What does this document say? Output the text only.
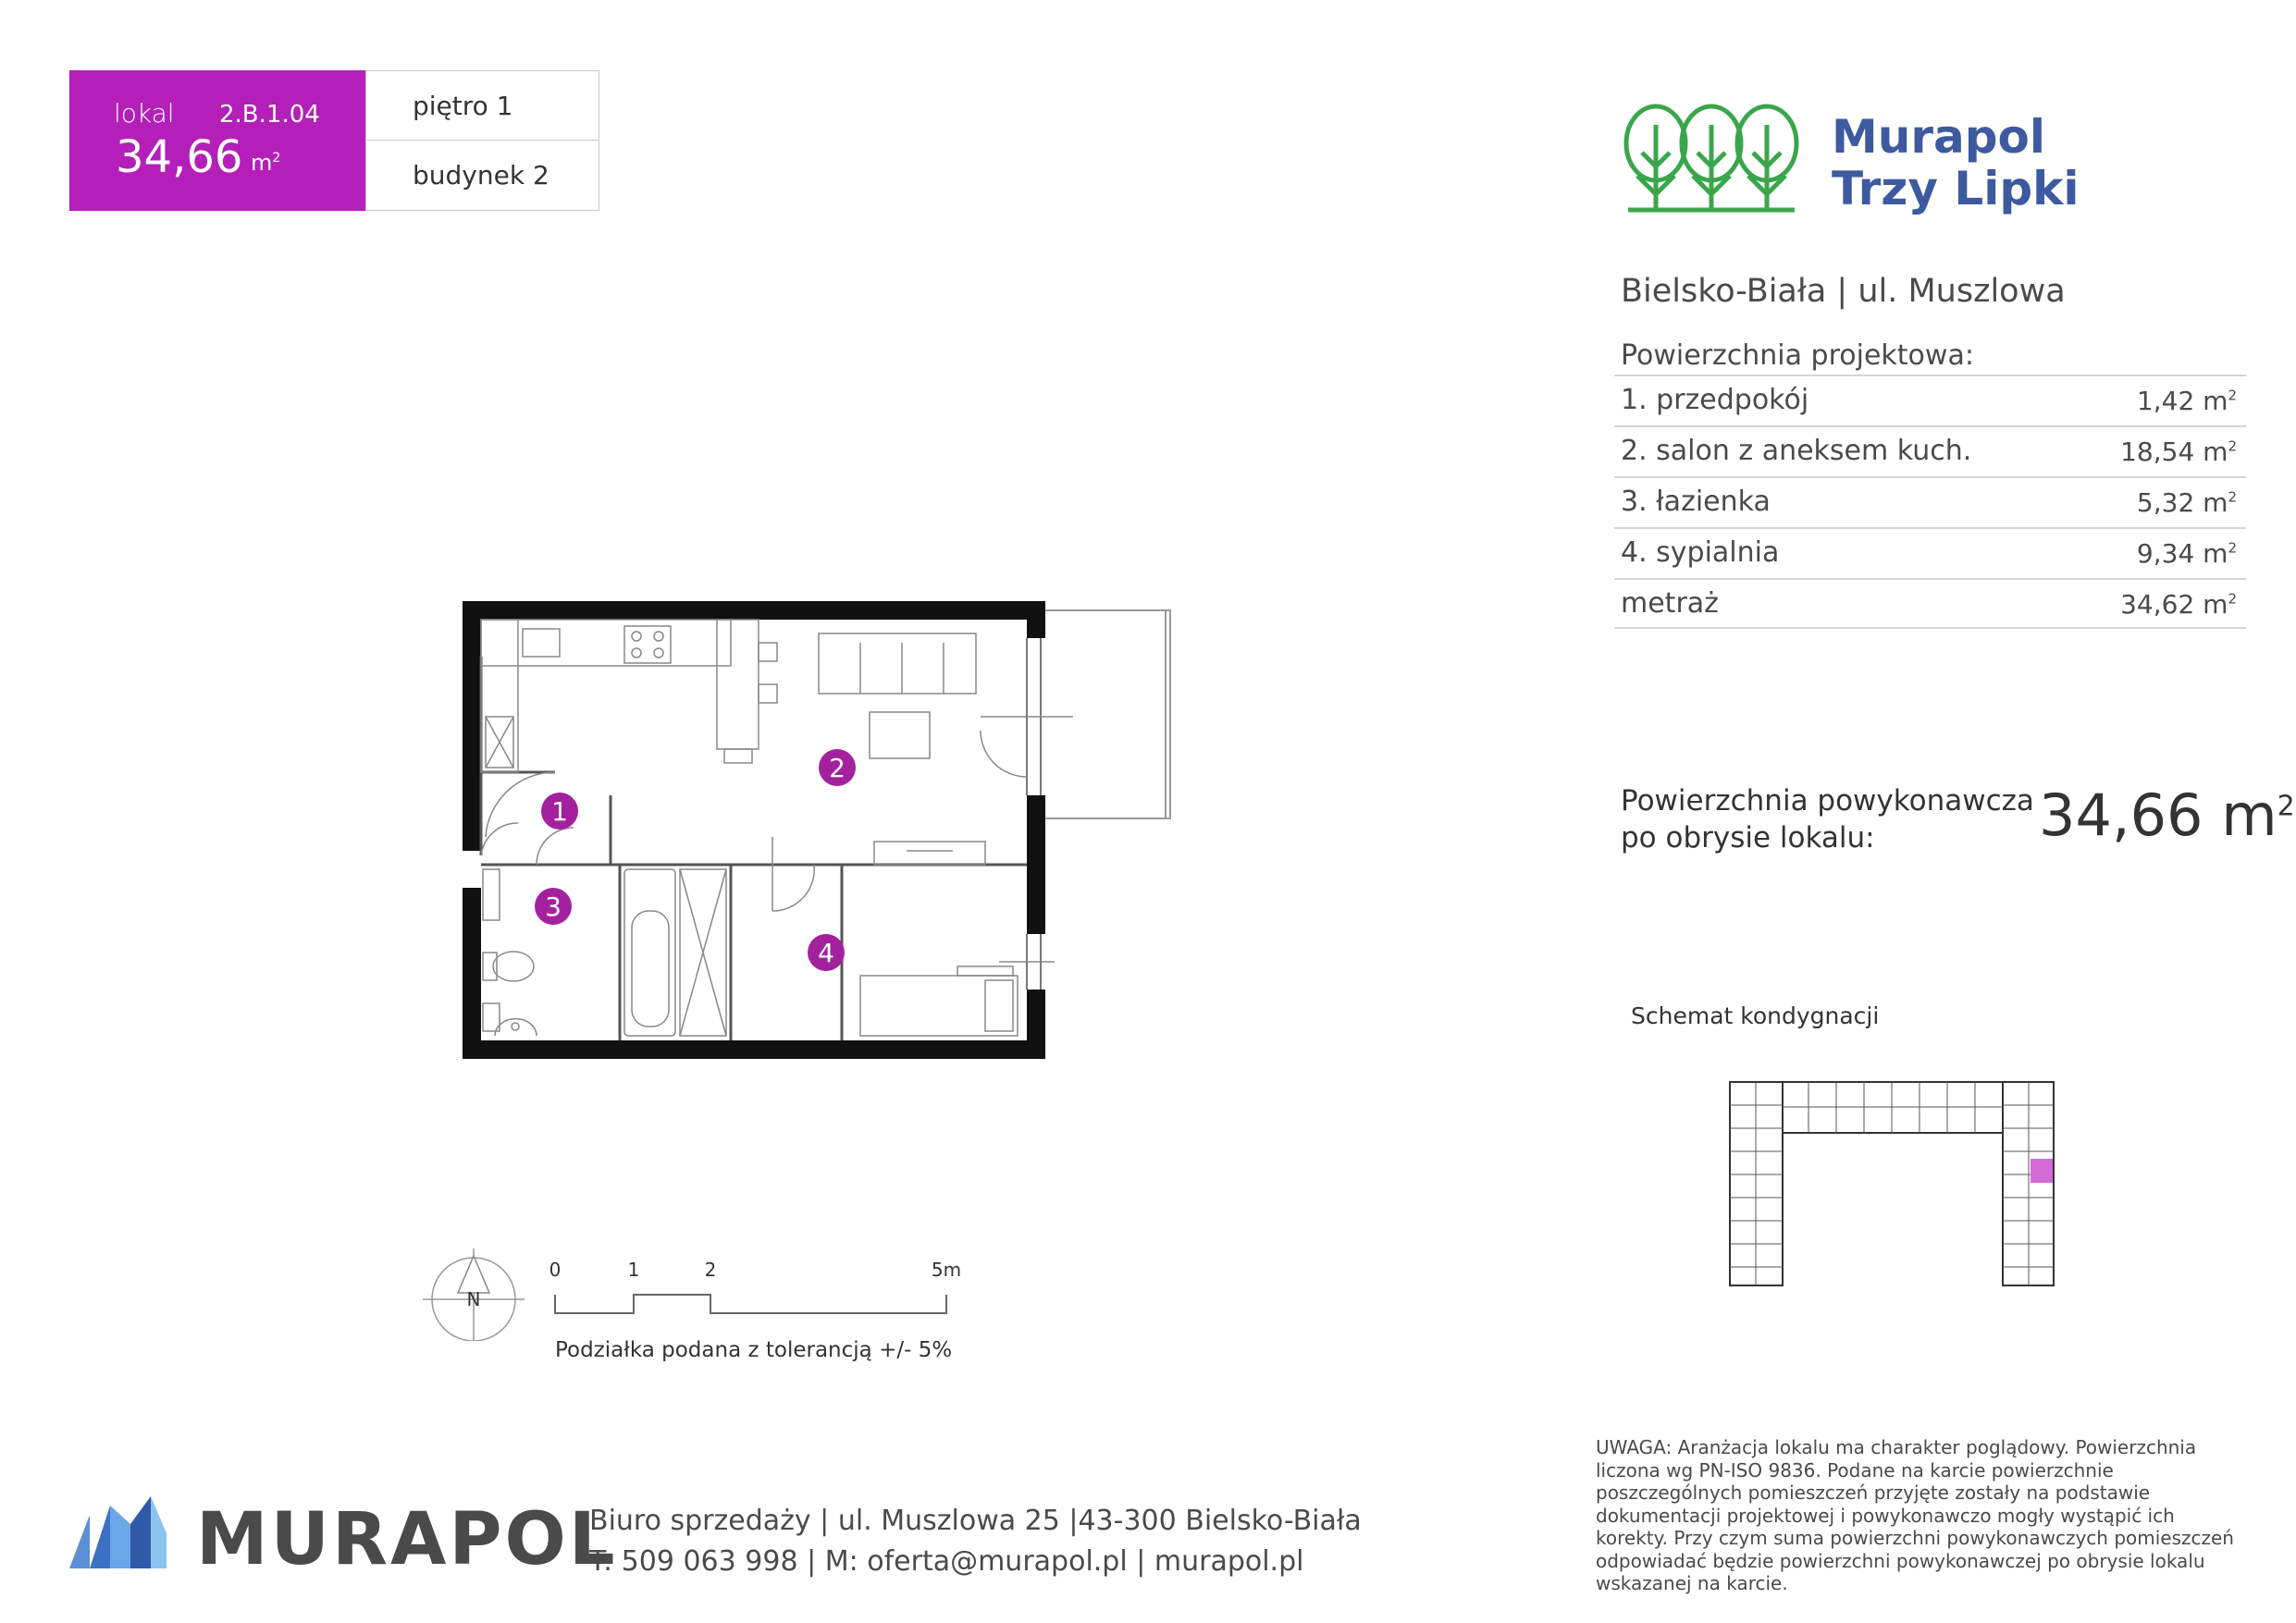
lokal 2.B.1.04
34,66 $m^2$
piętro 1
budynek 2
Murapol
Trzy Lipki
Bielsko-Biała | ul. Muszlowa
Powierzchnia projektowa:
1. przedpokój	1,42 $m^2$
2. salon z aneksem kuch.	18,54 $m^2$
3. łazienka	5,32 $m^2$
4. sypialnia	9,34 $m^2$
metraż	34,62 $m^2$
Powierzchnia powykonawcza
po obrysie lokalu:	34,66 $m^2$
1
2
3
4
N
0	1	2	5m
Podziałka podana z tolerancją +/- 5%
Schemat kondygnacji
MURAPOL
Biuro sprzedaży | ul. Muszlowa 25 |43-300 Bielsko-Biała
T: 509 063 998 | M: oferta@murapol.pl | murapol.pl
UWAGA: Aranżacja lokalu ma charakter poglądowy. Powierzchnia liczona wg PN-ISO 9836. Podane na karcie powierzchnie poszczególnych pomieszczeń przyjęte zostały na podstawie dokumentacji projektowej i powykonawczo mogły wystąpić ich korekty. Przy czym suma powierzchni powykonawczych pomieszczeń odpowiadać będzie powierzchni powykonawczej po obrysie lokalu wskazanej na karcie.
